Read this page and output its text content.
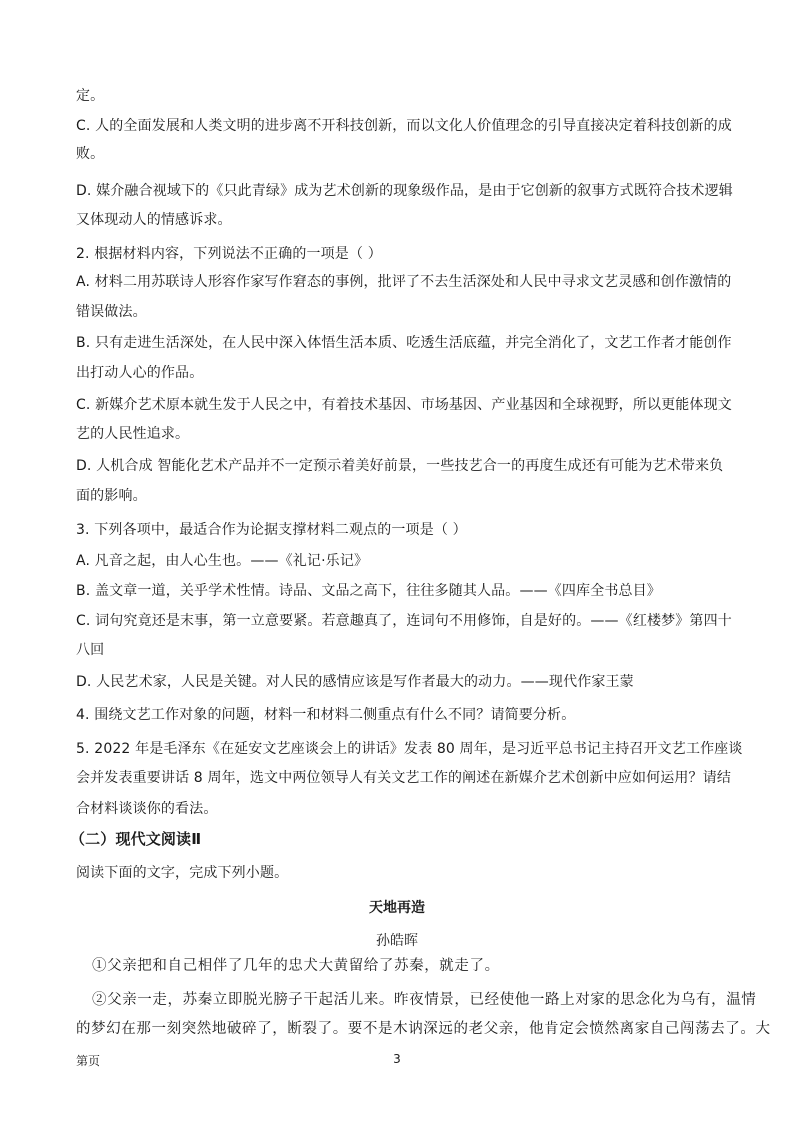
定。
C. 人的全面发展和人类文明的进步离不开科技创新，而以文化人价值理念的引导直接决定着科技创新的成
败。
D. 媒介融合视域下的《只此青绿》成为艺术创新的现象级作品，是由于它创新的叙事方式既符合技术逻辑
又体现动人的情感诉求。
2. 根据材料内容，下列说法不正确的一项是（ ）
A. 材料二用苏联诗人形容作家写作窘态的事例，批评了不去生活深处和人民中寻求文艺灵感和创作激情的
错误做法。
B. 只有走进生活深处，在人民中深入体悟生活本质、吃透生活底蕴，并完全消化了，文艺工作者才能创作
出打动人心的作品。
C. 新媒介艺术原本就生发于人民之中，有着技术基因、市场基因、产业基因和全球视野，所以更能体现文
艺的人民性追求。
D. 人机合成 智能化艺术产品并不一定预示着美好前景，一些技艺合一的再度生成还有可能为艺术带来负
面的影响。
3. 下列各项中，最适合作为论据支撑材料二观点的一项是（ ）
A. 凡音之起，由人心生也。——《礼记·乐记》
B. 盖文章一道，关乎学术性情。诗品、文品之高下，往往多随其人品。——《四库全书总目》
C. 词句究竟还是末事，第一立意要紧。若意趣真了，连词句不用修饰，自是好的。——《红楼梦》第四十
八回
D. 人民艺术家，人民是关键。对人民的感情应该是写作者最大的动力。——现代作家王蒙
4. 围绕文艺工作对象的问题，材料一和材料二侧重点有什么不同？请简要分析。
5. 2022 年是毛泽东《在延安文艺座谈会上的讲话》发表 80 周年，是习近平总书记主持召开文艺工作座谈
会并发表重要讲话 8 周年，选文中两位领导人有关文艺工作的阐述在新媒介艺术创新中应如何运用？请结
合材料谈谈你的看法。
（二）现代文阅读Ⅱ
阅读下面的文字，完成下列小题。
天地再造
孙皓晖
①父亲把和自己相伴了几年的忠犬大黄留给了苏秦，就走了。
②父亲一走，苏秦立即脱光膀子干起活儿来。昨夜情景，已经使他一路上对家的思念化为乌有，温情
的梦幻在那一刻突然地破碎了，断裂了。要不是木讷深远的老父亲，他肯定会愤然离家自己闯荡去了。大
第页	3
